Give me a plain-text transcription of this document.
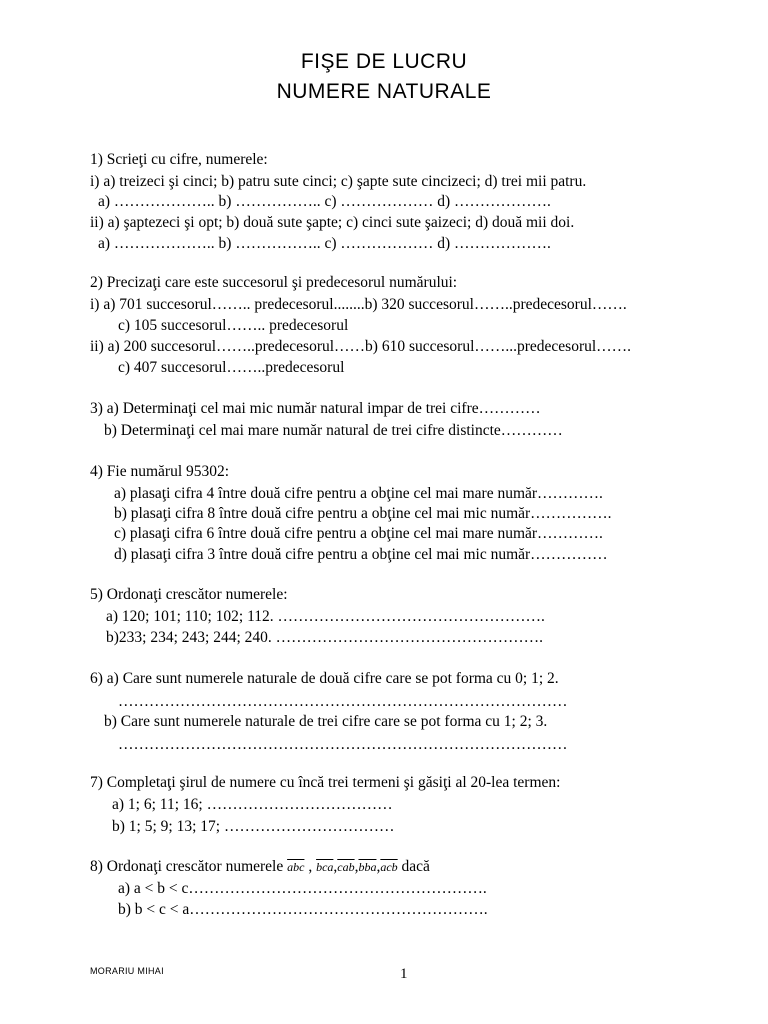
FIŞE DE LUCRU
NUMERE NATURALE
1) Scrieţi cu cifre, numerele:
i) a) treizeci şi cinci; b) patru sute cinci; c) şapte sute cincizeci; d) trei mii patru.
a) ……………….. b) …………….. c) ……………… d) ……………….
ii) a) şaptezeci şi opt; b) două sute şapte; c) cinci sute şaizeci; d) două mii doi.
a) ……………….. b) …………….. c) ……………… d) ……………….
2) Precizaţi care este succesorul şi predecesorul numărului:
i) a) 701 succesorul…….. predecesorul........b) 320 succesorul……..predecesorul…….
c) 105 succesorul…….. predecesorul
ii) a) 200 succesorul……..predecesorul……b) 610 succesorul……...predecesorul…….
c) 407 succesorul……..predecesorul
3) a) Determinaţi cel mai mic număr natural impar de trei cifre…………
b) Determinaţi cel mai mare număr natural de trei cifre distincte…………
4) Fie numărul 95302:
a) plasaţi cifra 4 între două cifre pentru a obţine cel mai mare număr………….
b) plasaţi cifra 8 între două cifre pentru a obţine cel mai mic număr…………….
c) plasaţi cifra 6 între două cifre pentru a obţine cel mai mare număr………….
d) plasaţi cifra 3 între două cifre pentru a obţine cel mai mic număr……………
5) Ordonaţi crescător numerele:
a) 120; 101; 110; 102; 112. …………………………………………….
b)233; 234; 243; 244; 240. …………………………………………….
6) a) Care sunt numerele naturale de două cifre care se pot forma cu 0; 1; 2.
……………………………………………………………………………
b) Care sunt numerele naturale de trei cifre care se pot forma cu 1; 2; 3.
……………………………………………………………………………
7) Completaţi şirul de numere cu încă trei termeni şi găsiţi al 20-lea termen:
a) 1; 6; 11; 16; ………………………………
b) 1; 5; 9; 13; 17; ……………………………
a) a < b < c………………………………………………….
b) b < c < a………………………………………………….
8) Ordonaţi crescător numerele $\overline{abc}$ , $\overline{bca},\overline{cab},\overline{bba},\overline{acb}$ dacă
MORARIU MIHAI	1
